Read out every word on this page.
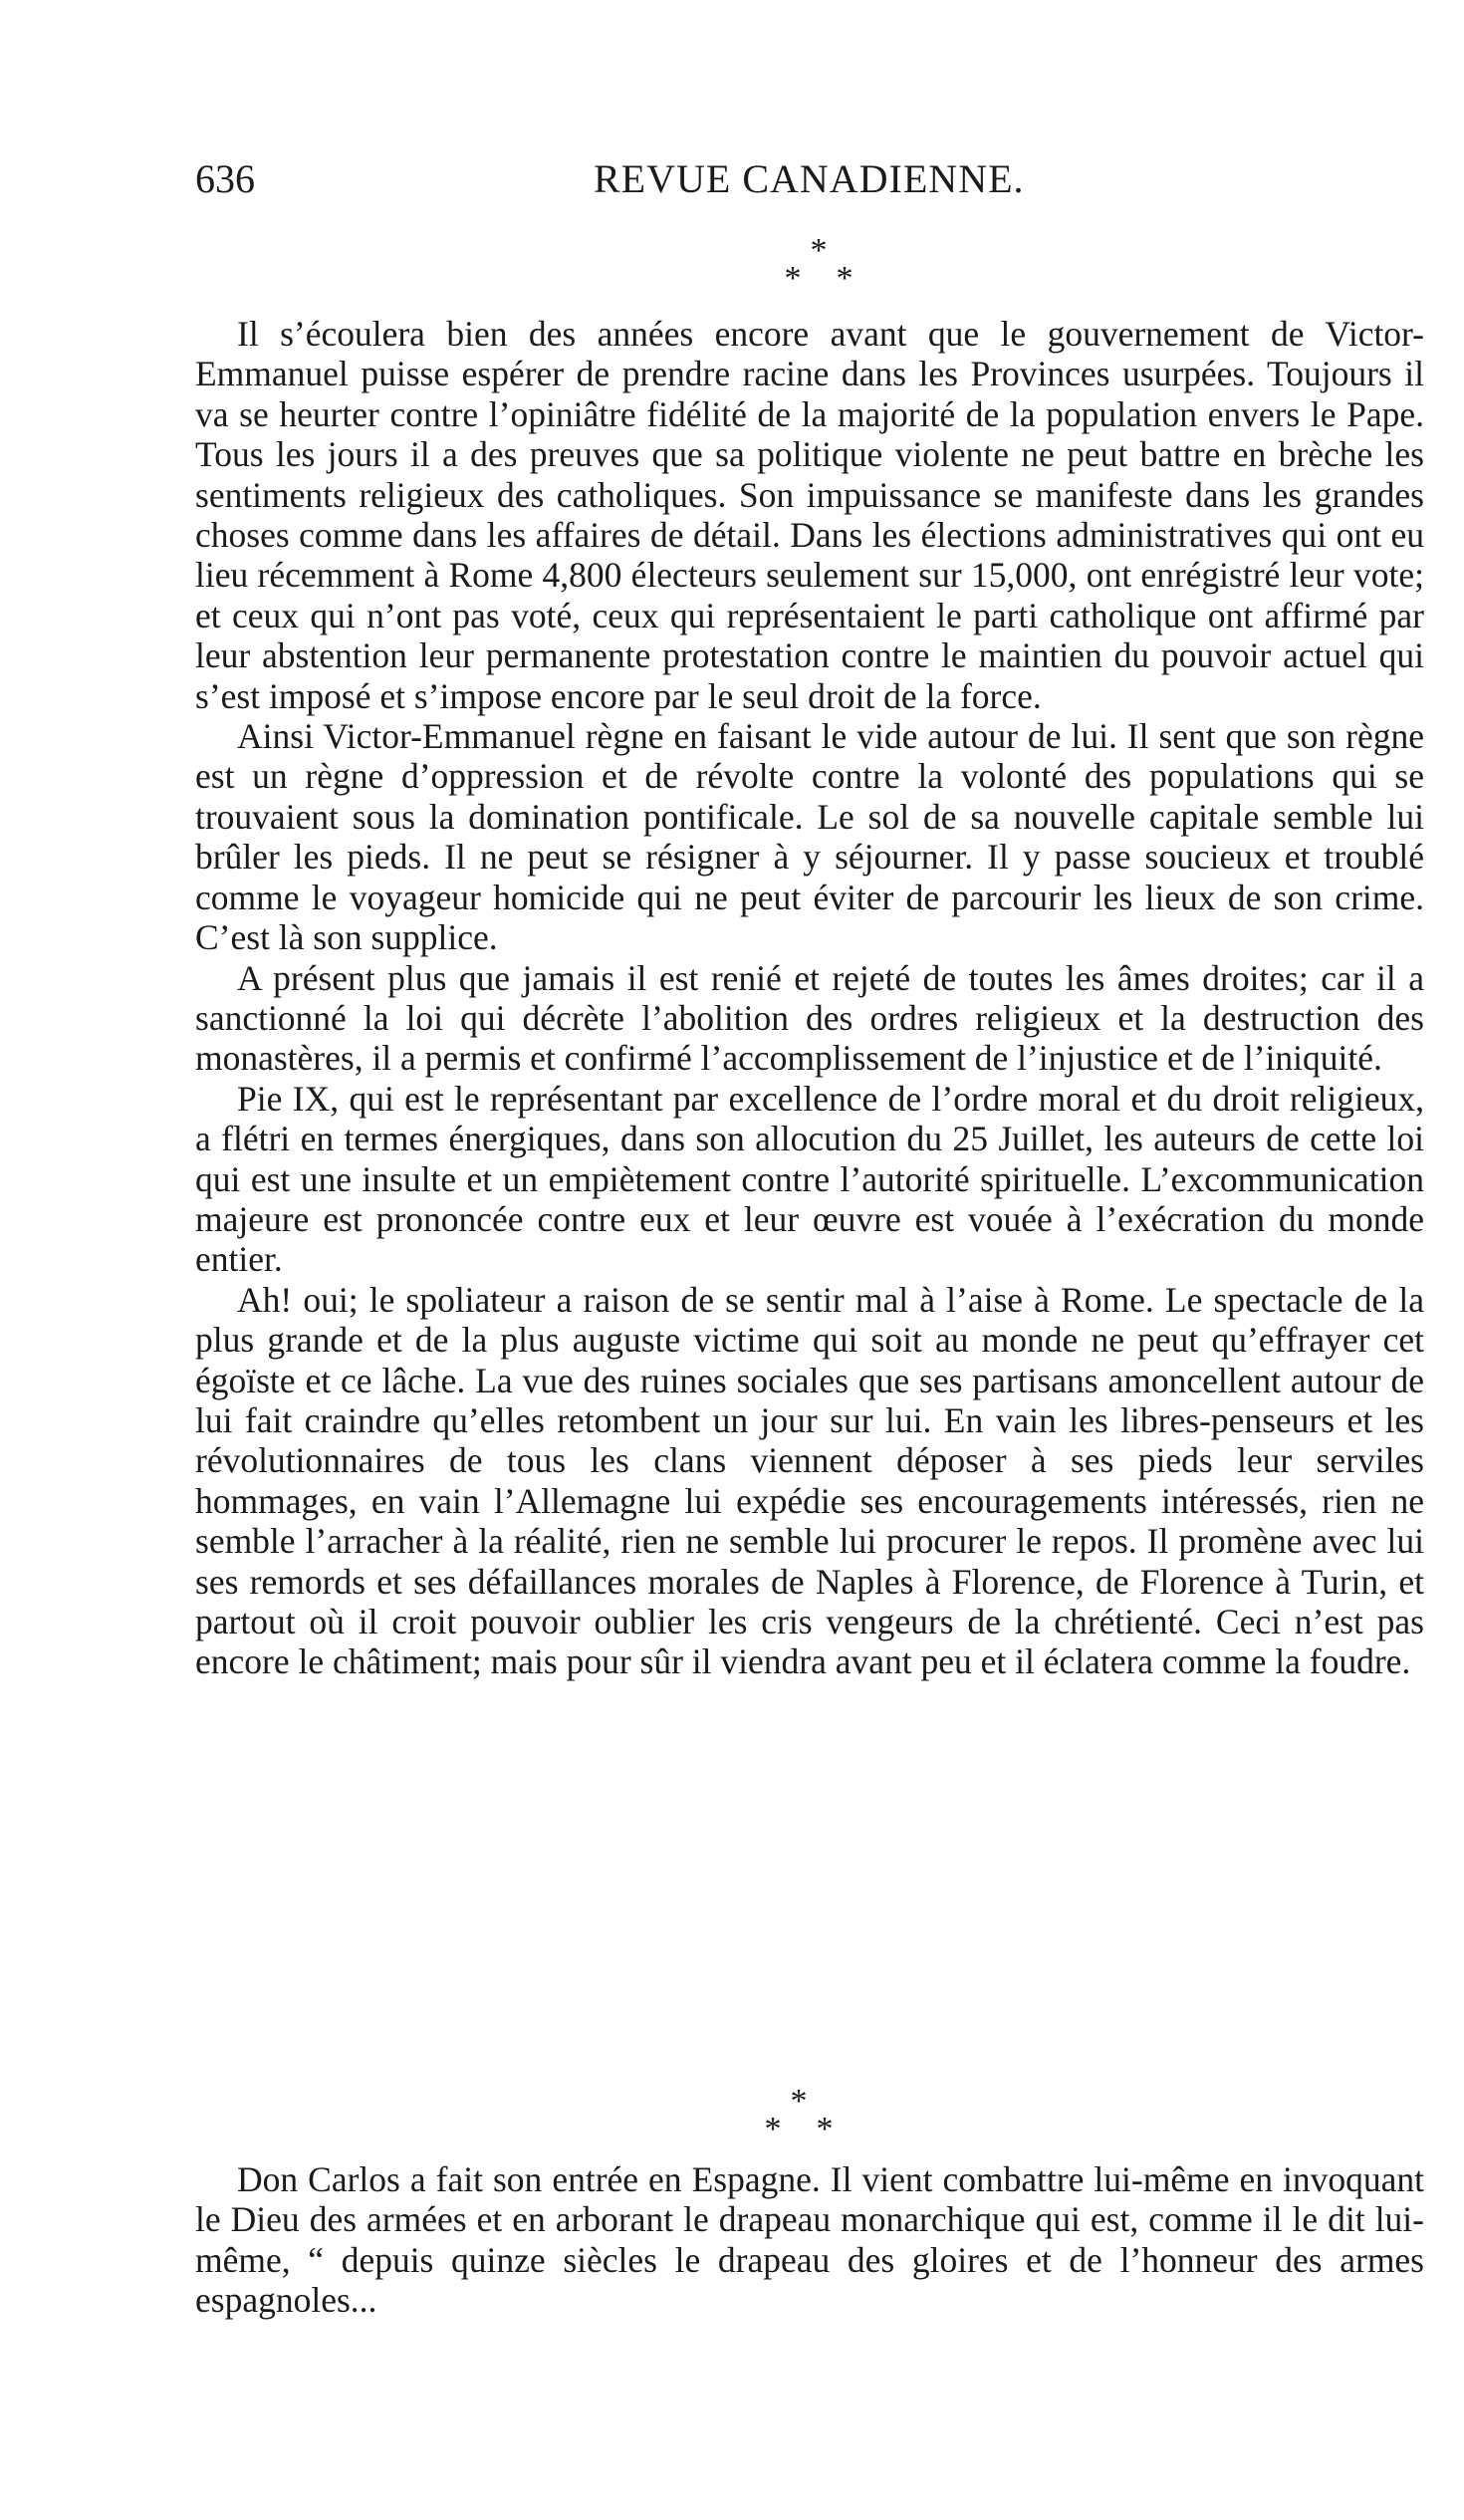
636	REVUE CANADIENNE.
*
* *

Il s’écoulera bien des années encore avant que le gouvernement de Victor-Emmanuel puisse espérer de prendre racine dans les Provinces usurpées. Toujours il va se heurter contre l’opiniâtre fidélité de la majorité de la population envers le Pape. Tous les jours il a des preuves que sa politique violente ne peut battre en brèche les sentiments religieux des catholiques. Son impuissance se manifeste dans les grandes choses comme dans les affaires de détail. Dans les élections administratives qui ont eu lieu récemment à Rome 4,800 électeurs seulement sur 15,000, ont enrégistré leur vote; et ceux qui n’ont pas voté, ceux qui représentaient le parti catholique ont affirmé par leur abstention leur permanente protestation contre le maintien du pouvoir actuel qui s’est imposé et s’impose encore par le seul droit de la force.

Ainsi Victor-Emmanuel règne en faisant le vide autour de lui. Il sent que son règne est un règne d’oppression et de révolte contre la volonté des populations qui se trouvaient sous la domination pontificale. Le sol de sa nouvelle capitale semble lui brûler les pieds. Il ne peut se résigner à y séjourner. Il y passe soucieux et troublé comme le voyageur homicide qui ne peut éviter de parcourir les lieux de son crime. C’est là son supplice.

A présent plus que jamais il est renié et rejeté de toutes les âmes droites; car il a sanctionné la loi qui décrète l’abolition des ordres religieux et la destruction des monastères, il a permis et confirmé l’accomplissement de l’injustice et de l’iniquité.

Pie IX, qui est le représentant par excellence de l’ordre moral et du droit religieux, a flétri en termes énergiques, dans son allocution du 25 Juillet, les auteurs de cette loi qui est une insulte et un empiètement contre l’autorité spirituelle. L’excommunication majeure est prononcée contre eux et leur œuvre est vouée à l’exécration du monde entier.

Ah! oui; le spoliateur a raison de se sentir mal à l’aise à Rome. Le spectacle de la plus grande et de la plus auguste victime qui soit au monde ne peut qu’effrayer cet égoïste et ce lâche. La vue des ruines sociales que ses partisans amoncellent autour de lui fait craindre qu’elles retombent un jour sur lui. En vain les libres-penseurs et les révolutionnaires de tous les clans viennent déposer à ses pieds leur serviles hommages, en vain l’Allemagne lui expédie ses encouragements intéressés, rien ne semble l’arracher à la réalité, rien ne semble lui procurer le repos. Il promène avec lui ses remords et ses défaillances morales de Naples à Florence, de Florence à Turin, et partout où il croit pouvoir oublier les cris vengeurs de la chrétienté. Ceci n’est pas encore le châtiment; mais pour sûr il viendra avant peu et il éclatera comme la foudre.

*
* *

Don Carlos a fait son entrée en Espagne. Il vient combattre lui-même en invoquant le Dieu des armées et en arborant le drapeau monarchique qui est, comme il le dit lui-même, “ depuis quinze siècles le drapeau des gloires et de l’honneur des armes espagnoles...
